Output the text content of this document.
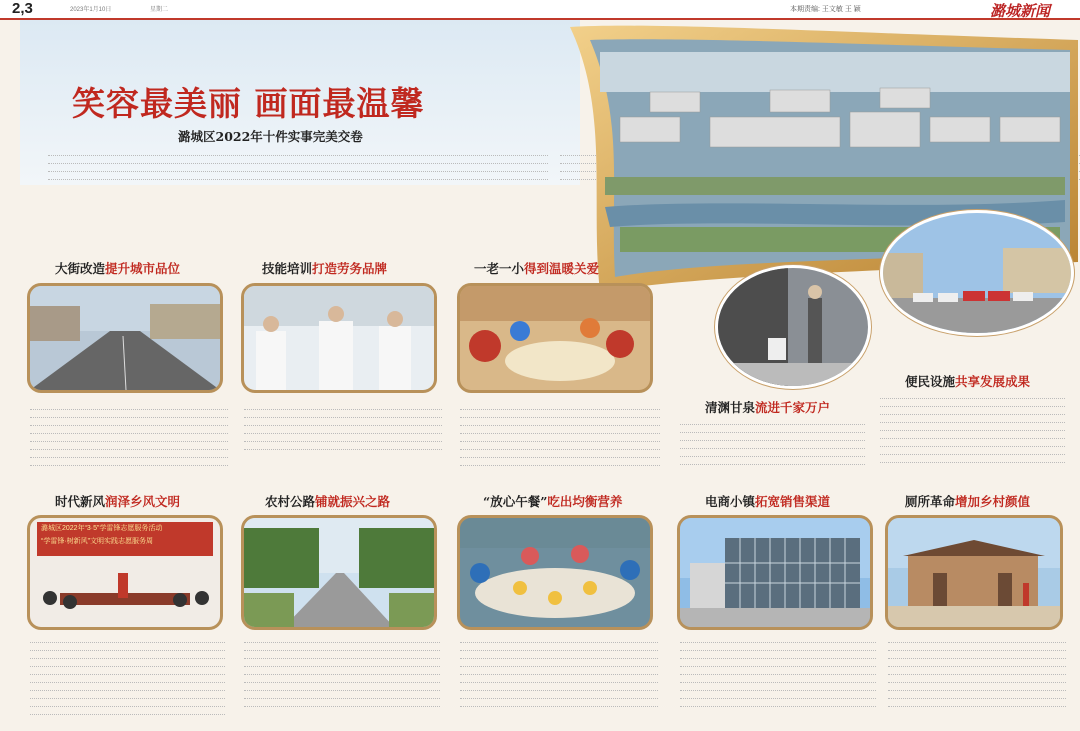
2,3	2023年1月10日	星期二	本期责编: 王文敏 王 颖	潞城新闻
笑容最美丽 画面最温馨
潞城区2022年十件实事完美交卷
大街改造提升城市品位	技能培训打造劳务品牌	一老一小得到温暖关爱
清渊甘泉流进千家万户
便民设施共享发展成果
时代新风润泽乡风文明	农村公路铺就振兴之路	“放心午餐”吃出均衡营养	电商小镇拓宽销售渠道	厕所革命增加乡村颜值
潞城区2022年“3·5”学雷锋志愿服务活动
“学雷锋·树新风”文明实践志愿服务周
